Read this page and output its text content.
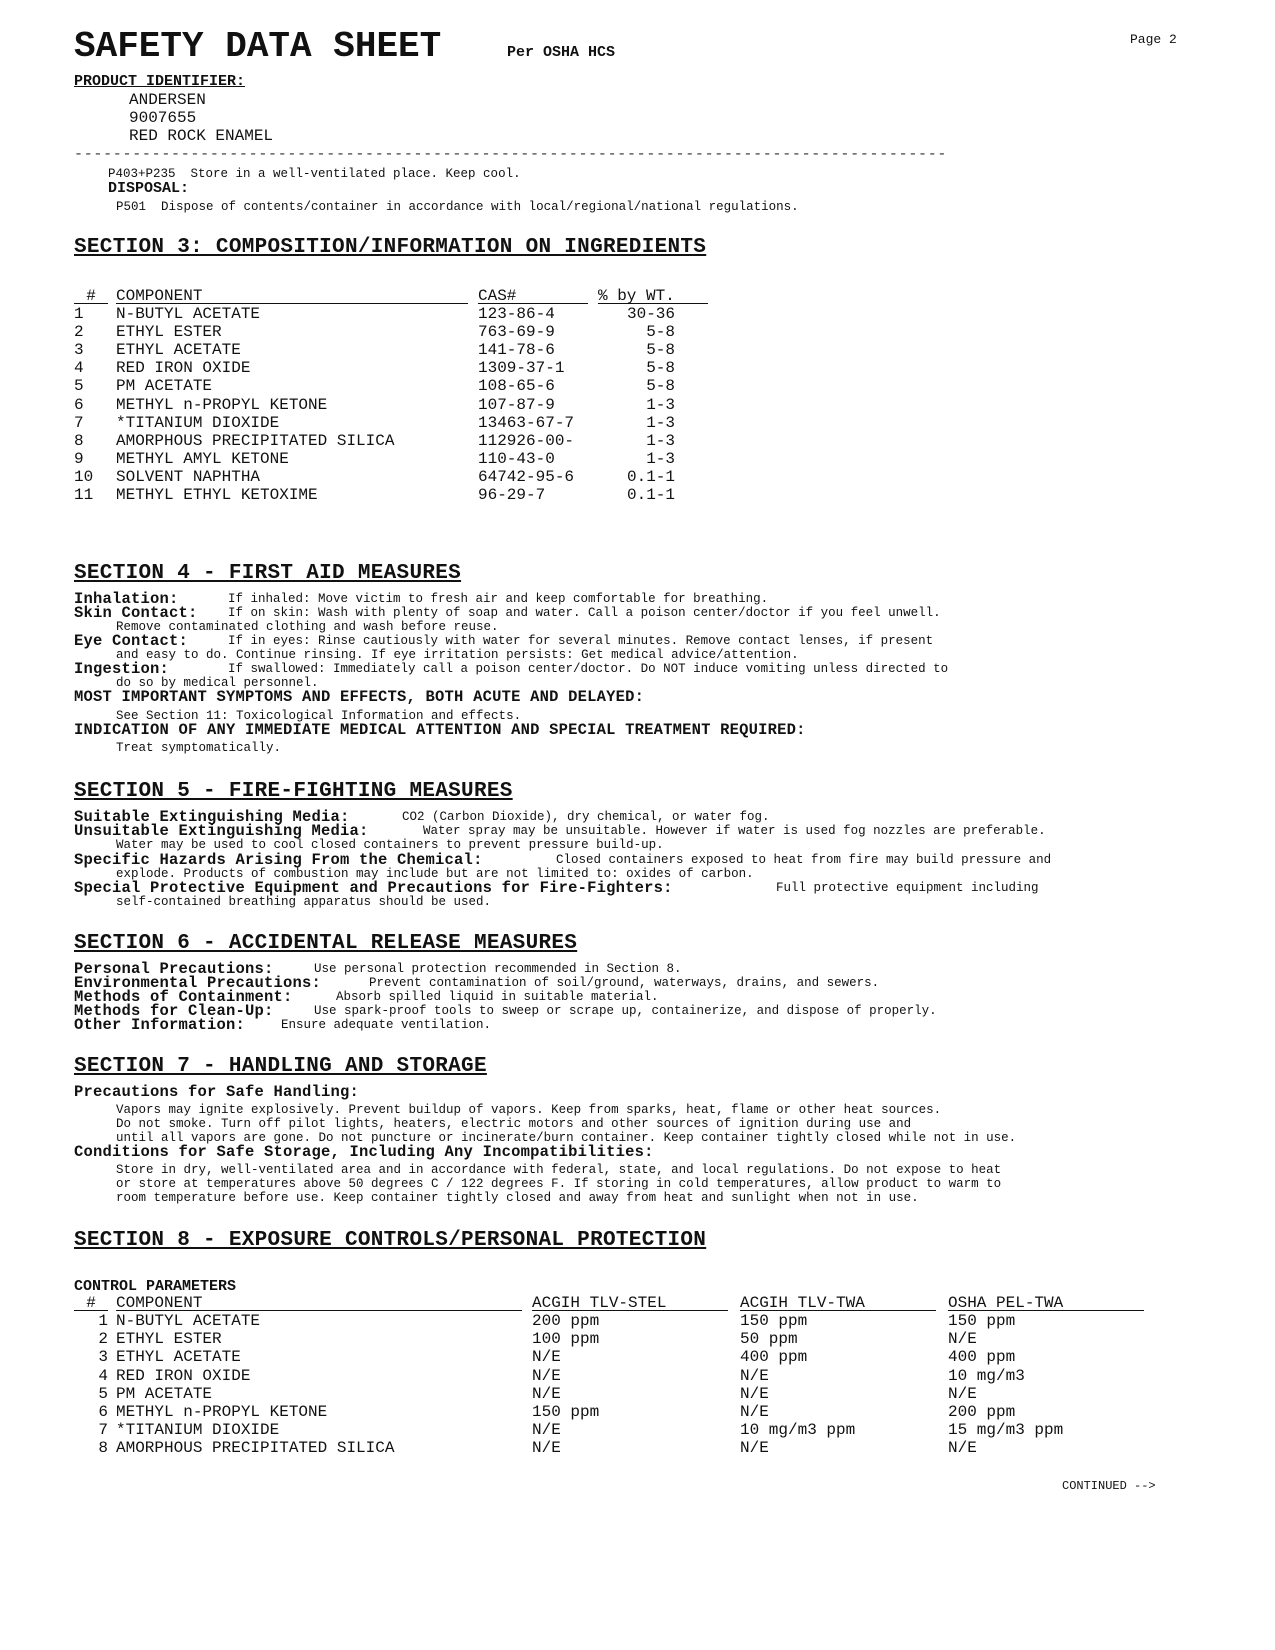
SAFETY DATA SHEET	Per OSHA HCS
Page 2
PRODUCT IDENTIFIER:
ANDERSEN
9007655
RED ROCK ENAMEL
------------------------------------------------------------------------------------------
P403+P235  Store in a well-ventilated place. Keep cool.
DISPOSAL:
P501  Dispose of contents/container in accordance with local/regional/national regulations.
SECTION 3: COMPOSITION/INFORMATION ON INGREDIENTS
#	COMPONENT	CAS#	% by WT.
1 N-BUTYL ACETATE	123-86-4	30-36
2 ETHYL ESTER	763-69-9	5-8
3 ETHYL ACETATE	141-78-6	5-8
4 RED IRON OXIDE	1309-37-1	5-8
5 PM ACETATE	108-65-6	5-8
6 METHYL n-PROPYL KETONE	107-87-9	1-3
7 *TITANIUM DIOXIDE	13463-67-7	1-3
8 AMORPHOUS PRECIPITATED SILICA	112926-00-	1-3
9 METHYL AMYL KETONE	110-43-0	1-3
10 SOLVENT NAPHTHA	64742-95-6	0.1-1
11 METHYL ETHYL KETOXIME	96-29-7	0.1-1
SECTION 4 - FIRST AID MEASURES
Inhalation:	If inhaled: Move victim to fresh air and keep comfortable for breathing.
Skin Contact: If on skin: Wash with plenty of soap and water. Call a poison center/doctor if you feel unwell.
Remove contaminated clothing and wash before reuse.
Eye Contact:	If in eyes: Rinse cautiously with water for several minutes. Remove contact lenses, if present
and easy to do. Continue rinsing. If eye irritation persists: Get medical advice/attention.
Ingestion:	If swallowed: Immediately call a poison center/doctor. Do NOT induce vomiting unless directed to
do so by medical personnel.
MOST IMPORTANT SYMPTOMS AND EFFECTS, BOTH ACUTE AND DELAYED:
See Section 11: Toxicological Information and effects.
INDICATION OF ANY IMMEDIATE MEDICAL ATTENTION AND SPECIAL TREATMENT REQUIRED:
Treat symptomatically.
SECTION 5 - FIRE-FIGHTING MEASURES
Suitable Extinguishing Media:	CO2 (Carbon Dioxide), dry chemical, or water fog.
Unsuitable Extinguishing Media:	Water spray may be unsuitable. However if water is used fog nozzles are preferable.
Water may be used to cool closed containers to prevent pressure build-up.
Specific Hazards Arising From the Chemical:	Closed containers exposed to heat from fire may build pressure and
explode. Products of combustion may include but are not limited to: oxides of carbon.
Special Protective Equipment and Precautions for Fire-Fighters:	Full protective equipment including
self-contained breathing apparatus should be used.
SECTION 6 - ACCIDENTAL RELEASE MEASURES
Personal Precautions:	Use personal protection recommended in Section 8.
Environmental Precautions:	Prevent contamination of soil/ground, waterways, drains, and sewers.
Methods of Containment:	Absorb spilled liquid in suitable material.
Methods for Clean-Up:	Use spark-proof tools to sweep or scrape up, containerize, and dispose of properly.
Other Information:	Ensure adequate ventilation.
SECTION 7 - HANDLING AND STORAGE
Precautions for Safe Handling:
Vapors may ignite explosively. Prevent buildup of vapors. Keep from sparks, heat, flame or other heat sources.
Do not smoke. Turn off pilot lights, heaters, electric motors and other sources of ignition during use and
until all vapors are gone. Do not puncture or incinerate/burn container. Keep container tightly closed while not in use.
Conditions for Safe Storage, Including Any Incompatibilities:
Store in dry, well-ventilated area and in accordance with federal, state, and local regulations. Do not expose to heat
or store at temperatures above 50 degrees C / 122 degrees F. If storing in cold temperatures, allow product to warm to
room temperature before use. Keep container tightly closed and away from heat and sunlight when not in use.
SECTION 8 - EXPOSURE CONTROLS/PERSONAL PROTECTION
CONTROL PARAMETERS
#	COMPONENT	ACGIH TLV-STEL	ACGIH TLV-TWA	OSHA PEL-TWA
1 N-BUTYL ACETATE	200 ppm	150 ppm	150 ppm
2 ETHYL ESTER	100 ppm	50 ppm	N/E
3 ETHYL ACETATE	N/E	400 ppm	400 ppm
4 RED IRON OXIDE	N/E	N/E	10 mg/m3
5 PM ACETATE	N/E	N/E	N/E
6 METHYL n-PROPYL KETONE	150 ppm	N/E	200 ppm
7 *TITANIUM DIOXIDE	N/E	10 mg/m3 ppm	15 mg/m3 ppm
8 AMORPHOUS PRECIPITATED SILICA	N/E	N/E	N/E
CONTINUED -->
